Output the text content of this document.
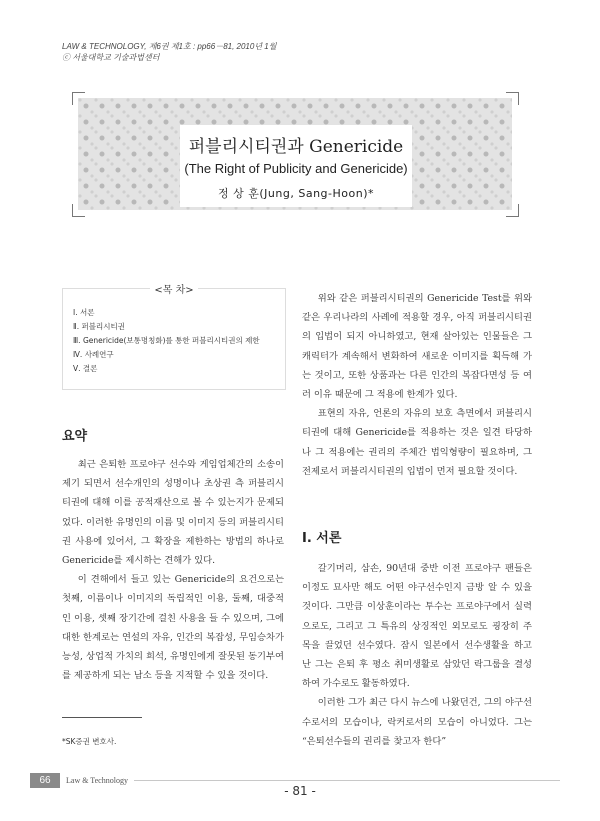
LAW & TECHNOLOGY, 제6권 제1호 : pp66－81, 2010년 1월
ⓒ 서울대학교 기술과법센터
퍼블리시티권과 Genericide
(The Right of Publicity and Genericide)
정 상 훈(Jung, Sang-Hoon)*
<목 차>
Ⅰ. 서론
Ⅱ. 퍼블리시티권
Ⅲ. Genericide(보통명칭화)를 통한 퍼블리시티권의 제한
Ⅳ. 사례연구
Ⅴ. 결론
요약

최근 은퇴한 프로야구 선수와 게임업체간의 소송이 제기 되면서 선수개인의 성명이나 초상권 측 퍼블리시티권에 대해 이를 공적재산으로 볼 수 있는지가 문제되었다. 이러한 유명인의 이름 및 이미지 등의 퍼블리시티권 사용에 있어서, 그 확장을 제한하는 방법의 하나로 Genericide를 제시하는 견해가 있다.

이 견해에서 들고 있는 Genericide의 요건으로는 첫째, 이름이나 이미지의 독립적인 이용, 둘째, 대중적인 이용, 셋째 장기간에 걸친 사용을 들 수 있으며, 그에 대한 한계로는 연설의 자유, 인간의 복잡성, 무임승차가능성, 상업적 가치의 희석, 유명인에게 잘못된 동기부여를 제공하게 되는 남소 등을 지적할 수 있을 것이다.

위와 같은 퍼블리시티권의 Genericide Test를 위와 같은 우리나라의 사례에 적용할 경우, 아직 퍼블리시티권의 입법이 되지 아니하였고, 현재 살아있는 인물들은 그 캐릭터가 계속해서 변화하여 새로운 이미지를 획득해 가는 것이고, 또한 상품과는 다른 인간의 복잡다면성 등 여러 이유 때문에 그 적용에 한계가 있다.

표현의 자유, 언론의 자유의 보호 측면에서 퍼블리시티권에 대해 Genericide를 적용하는 것은 일견 타당하나 그 적용에는 권리의 주체간 법익형량이 필요하며, 그 전제로서 퍼블리시티권의 입법이 먼저 필요할 것이다.

Ⅰ. 서론

갈기머리, 삼손, 90년대 중반 이전 프로야구 팬들은 이정도 묘사만 해도 어떤 야구선수인지 금방 알 수 있을 것이다. 그만큼 이상훈이라는 투수는 프로야구에서 실력으로도, 그리고 그 특유의 상징적인 외모로도 굉장히 주목을 끌었던 선수였다. 잠시 일본에서 선수생활을 하고 난 그는 은퇴 후 평소 취미생활로 삼았던 락그룹을 결성하여 가수로도 활동하였다.

이러한 그가 최근 다시 뉴스에 나왔던건, 그의 야구선수로서의 모습이나, 락커로서의 모습이 아니었다. 그는 “은퇴선수들의 권리를 찾고자 한다”

*SK증권 변호사.
66	Law & Technology
- 81 -
